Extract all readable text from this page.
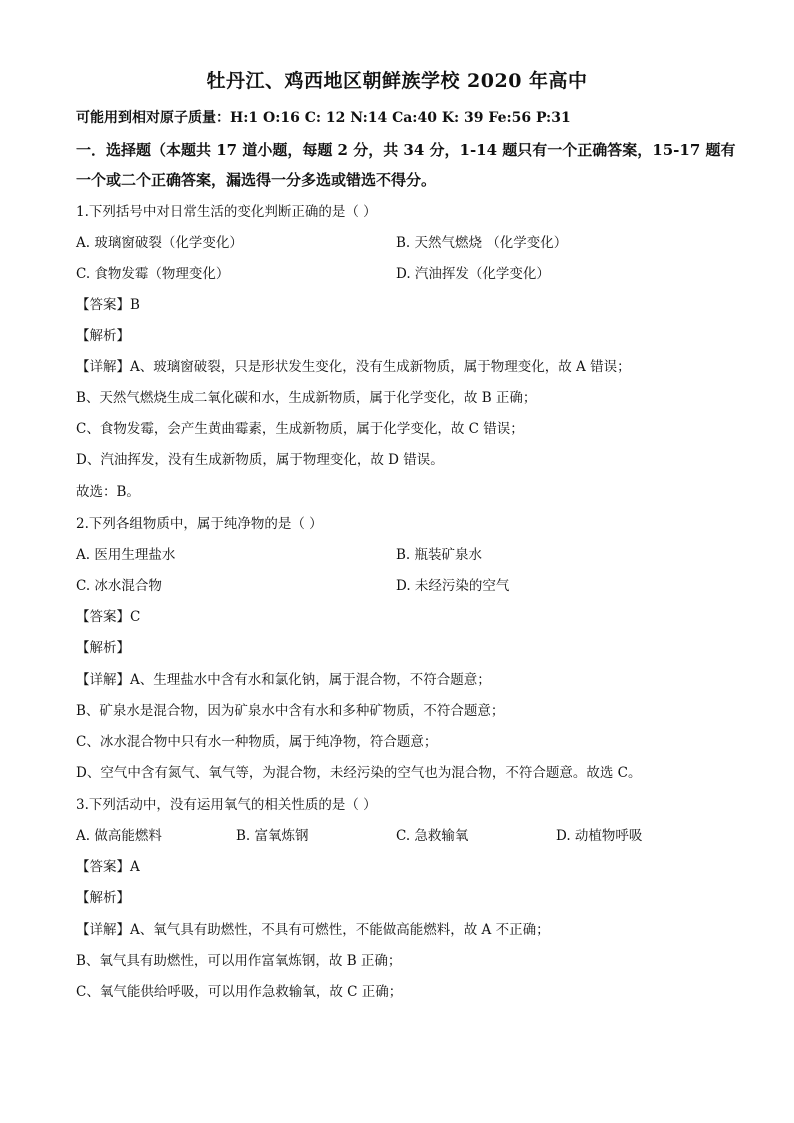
牡丹江、鸡西地区朝鲜族学校 2020 年高中
可能用到相对原子质量：H:1 O:16 C: 12 N:14 Ca:40 K: 39 Fe:56 P:31
一．选择题（本题共 17 道小题，每题 2 分，共 34 分，1-14 题只有一个正确答案，15-17 题有
一个或二个正确答案，漏选得一分多选或错选不得分。
1.下列括号中对日常生活的变化判断正确的是（ ）
A. 玻璃窗破裂（化学变化）	B. 天然气燃烧 （化学变化）
C. 食物发霉（物理变化）	D. 汽油挥发（化学变化）
【答案】B
【解析】
【详解】A、玻璃窗破裂，只是形状发生变化，没有生成新物质，属于物理变化，故 A 错误；
B、天然气燃烧生成二氧化碳和水，生成新物质，属于化学变化，故 B 正确；
C、食物发霉，会产生黄曲霉素，生成新物质，属于化学变化，故 C 错误；
D、汽油挥发，没有生成新物质，属于物理变化，故 D 错误。
故选：B。
2.下列各组物质中，属于纯净物的是（ ）
A. 医用生理盐水	B. 瓶装矿泉水
C. 冰水混合物	D. 未经污染的空气
【答案】C
【解析】
【详解】A、生理盐水中含有水和氯化钠，属于混合物，不符合题意；
B、矿泉水是混合物，因为矿泉水中含有水和多种矿物质，不符合题意；
C、冰水混合物中只有水一种物质，属于纯净物，符合题意；
D、空气中含有氮气、氧气等，为混合物，未经污染的空气也为混合物，不符合题意。故选 C。
3.下列活动中，没有运用氧气的相关性质的是（ ）
A. 做高能燃料	B. 富氧炼钢	C. 急救输氧	D. 动植物呼吸
【答案】A
【解析】
【详解】A、氧气具有助燃性，不具有可燃性，不能做高能燃料，故 A 不正确；
B、氧气具有助燃性，可以用作富氧炼钢，故 B 正确；
C、氧气能供给呼吸，可以用作急救输氧，故 C 正确；
